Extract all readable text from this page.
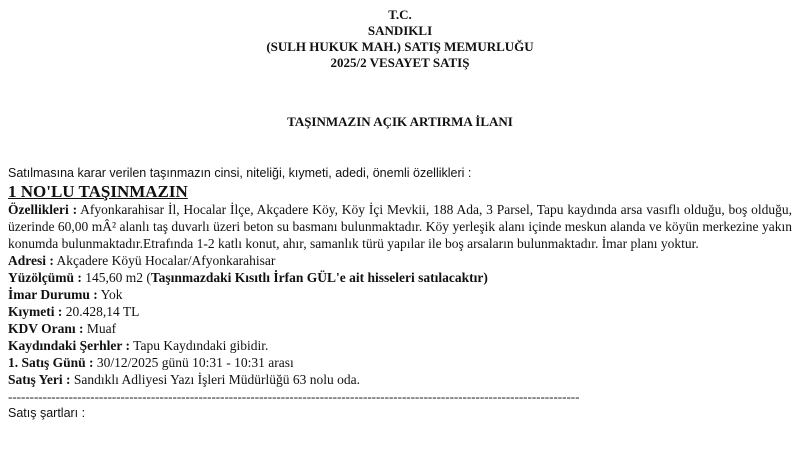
T.C.
SANDIKLI
(SULH HUKUK MAH.) SATIŞ MEMURLUĞU
2025/2 VESAYET SATIŞ
TAŞINMAZIN AÇIK ARTIRMA İLANI
Satılmasına karar verilen taşınmazın cinsi, niteliği, kıymeti, adedi, önemli özellikleri :
1 NO'LU TAŞINMAZIN
Özellikleri : Afyonkarahisar İl, Hocalar İlçe, Akçadere Köy, Köy İçi Mevkii, 188 Ada, 3 Parsel, Tapu kaydında arsa vasıflı olduğu, boş olduğu, üzerinde 60,00 mÂ² alanlı taş duvarlı üzeri beton su basmanı bulunmaktadır. Köy yerleşik alanı içinde meskun alanda ve köyün merkezine yakın konumda bulunmaktadır.Etrafında 1-2 katlı konut, ahır, samanlık türü yapılar ile boş arsaların bulunmaktadır. İmar planı yoktur.
Adresi : Akçadere Köyü Hocalar/Afyonkarahisar
Yüzölçümü : 145,60 m2 (Taşınmazdaki Kısıtlı İrfan GÜL'e ait hisseleri satılacaktır)
İmar Durumu : Yok
Kıymeti : 20.428,14 TL
KDV Oranı : Muaf
Kaydındaki Şerhler : Tapu Kaydındaki gibidir.
1. Satış Günü : 30/12/2025 günü 10:31 - 10:31 arası
Satış Yeri : Sandıklı Adliyesi Yazı İşleri Müdürlüğü 63 nolu oda.
------------------------------------------------------------------------------------------------------------------------------------
Satış şartları :
